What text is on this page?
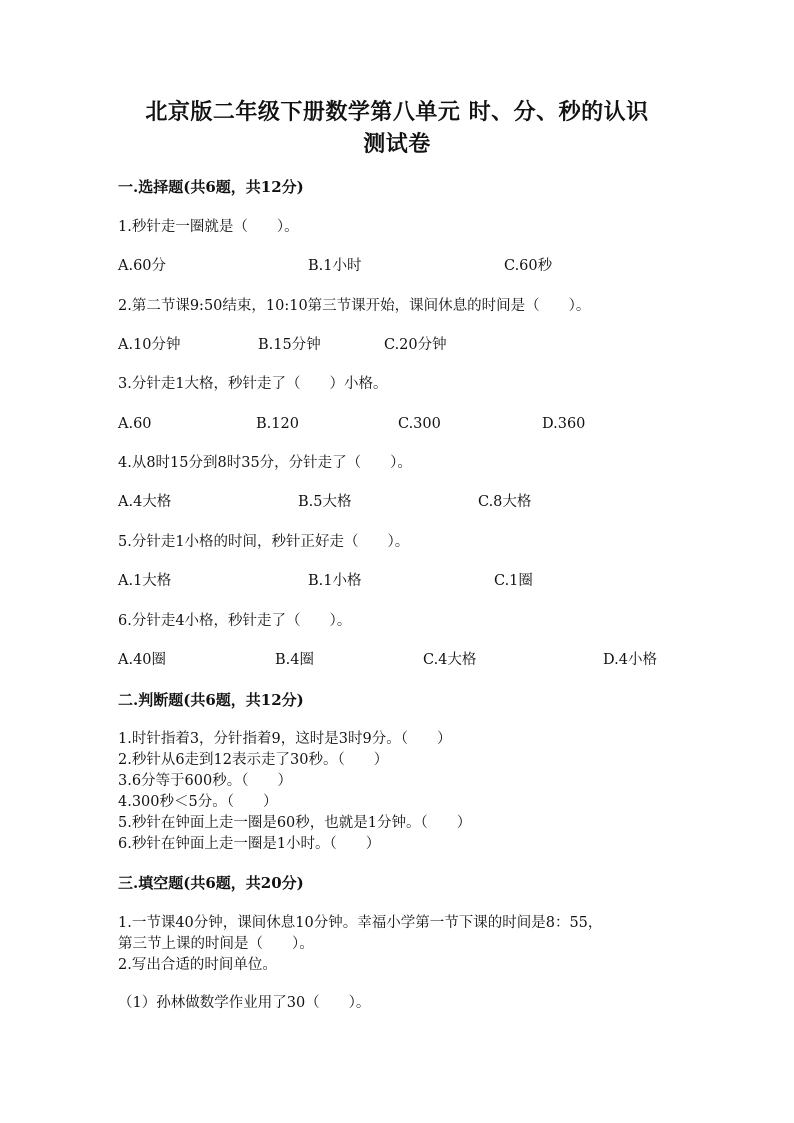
北京版二年级下册数学第八单元 时、分、秒的认识
测试卷
一.选择题(共6题，共12分)
1.秒针走一圈就是（　　）。
A.60分	B.1小时	C.60秒
2.第二节课9:50结束，10:10第三节课开始，课间休息的时间是（　　）。
A.10分钟	B.15分钟	C.20分钟
3.分针走1大格，秒针走了（　　）小格。
A.60	B.120	C.300	D.360
4.从8时15分到8时35分，分针走了（　　）。
A.4大格	B.5大格	C.8大格
5.分针走1小格的时间，秒针正好走（　　）。
A.1大格	B.1小格	C.1圈
6.分针走4小格，秒针走了（　　）。
A.40圈	B.4圈	C.4大格	D.4小格
二.判断题(共6题，共12分)
1.时针指着3，分针指着9，这时是3时9分。（　　）
2.秒针从6走到12表示走了30秒。（　　）
3.6分等于600秒。（　　）
4.300秒＜5分。（　　）
5.秒针在钟面上走一圈是60秒，也就是1分钟。（　　）
6.秒针在钟面上走一圈是1小时。（　　）
三.填空题(共6题，共20分)
1.一节课40分钟，课间休息10分钟。幸福小学第一节下课的时间是8：55，
第三节上课的时间是（　　）。
2.写出合适的时间单位。
（1）孙林做数学作业用了30（　　）。
